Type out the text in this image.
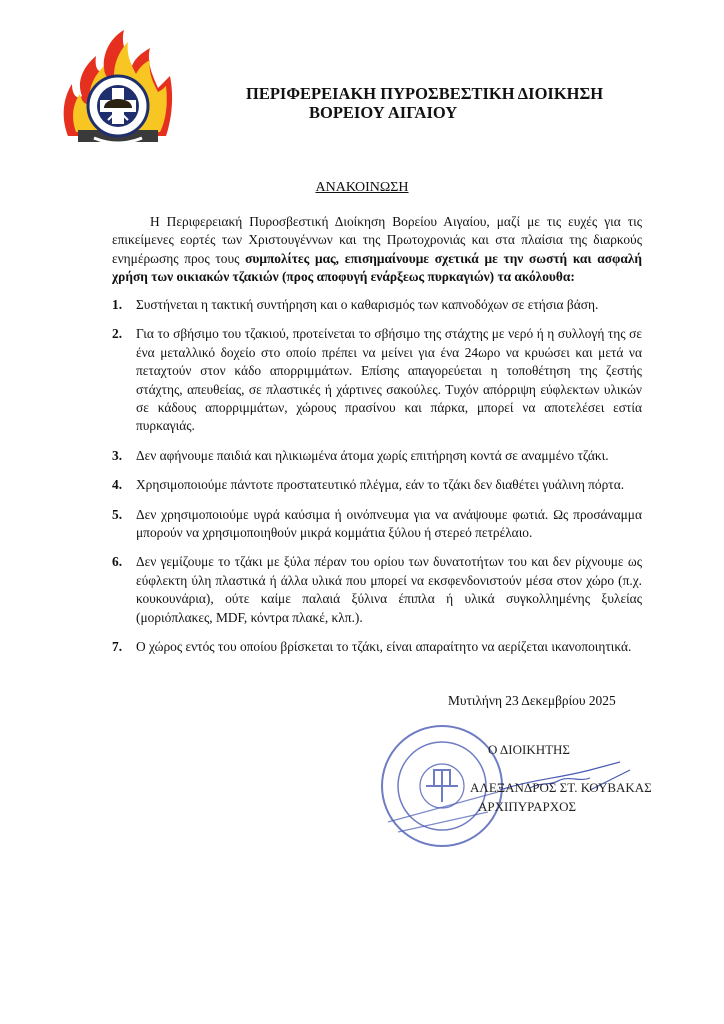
ΠΕΡΙΦΕΡΕΙΑΚΗ ΠΥΡΟΣΒΕΣΤΙΚΗ ΔΙΟΙΚΗΣΗ
ΒΟΡΕΙΟΥ ΑΙΓΑΙΟΥ
ΑΝΑΚΟΙΝΩΣΗ
Η Περιφερειακή Πυροσβεστική Διοίκηση Βορείου Αιγαίου, μαζί με τις ευχές για τις επικείμενες εορτές των Χριστουγέννων και της Πρωτοχρονιάς και στα πλαίσια της διαρκούς ενημέρωσης προς τους συμπολίτες μας, επισημαίνουμε σχετικά με την σωστή και ασφαλή χρήση των οικιακών τζακιών (προς αποφυγή ενάρξεως πυρκαγιών) τα ακόλουθα:
1.	Συστήνεται η τακτική συντήρηση και ο καθαρισμός των καπνοδόχων σε ετήσια βάση.
2.	Για το σβήσιμο του τζακιού, προτείνεται το σβήσιμο της στάχτης με νερό ή η συλλογή της σε ένα μεταλλικό δοχείο στο οποίο πρέπει να μείνει για ένα 24ωρο να κρυώσει και μετά να πεταχτούν στον κάδο απορριμμάτων. Επίσης απαγορεύεται η τοποθέτηση της ζεστής στάχτης, απευθείας, σε πλαστικές ή χάρτινες σακούλες. Τυχόν απόρριψη εύφλεκτων υλικών σε κάδους απορριμμάτων, χώρους πρασίνου και πάρκα, μπορεί να αποτελέσει εστία πυρκαγιάς.
3.	Δεν αφήνουμε παιδιά και ηλικιωμένα άτομα χωρίς επιτήρηση κοντά σε αναμμένο τζάκι.
4.	Χρησιμοποιούμε πάντοτε προστατευτικό πλέγμα, εάν το τζάκι δεν διαθέτει γυάλινη πόρτα.
5.	Δεν χρησιμοποιούμε υγρά καύσιμα ή οινόπνευμα για να ανάψουμε φωτιά. Ως προσάναμμα μπορούν να χρησιμοποιηθούν μικρά κομμάτια ξύλου ή στερεό πετρέλαιο.
6.	Δεν γεμίζουμε το τζάκι με ξύλα πέραν του ορίου των δυνατοτήτων του και δεν ρίχνουμε ως εύφλεκτη ύλη πλαστικά ή άλλα υλικά που μπορεί να εκσφενδονιστούν μέσα στον χώρο (π.χ. κουκουνάρια), ούτε καίμε παλαιά ξύλινα έπιπλα ή υλικά συγκολλημένης ξυλείας (μοριόπλακες, MDF, κόντρα πλακέ, κλπ.).
7.	Ο χώρος εντός του οποίου βρίσκεται το τζάκι, είναι απαραίτητο να αερίζεται ικανοποιητικά.
Μυτιλήνη 23 Δεκεμβρίου 2025
Ο ΔΙΟΙΚΗΤΗΣ
ΑΛΕΞΑΝΔΡΟΣ ΣΤ. ΚΟΥΒΑΚΑΣ
ΑΡΧΙΠΥΡΑΡΧΟΣ
